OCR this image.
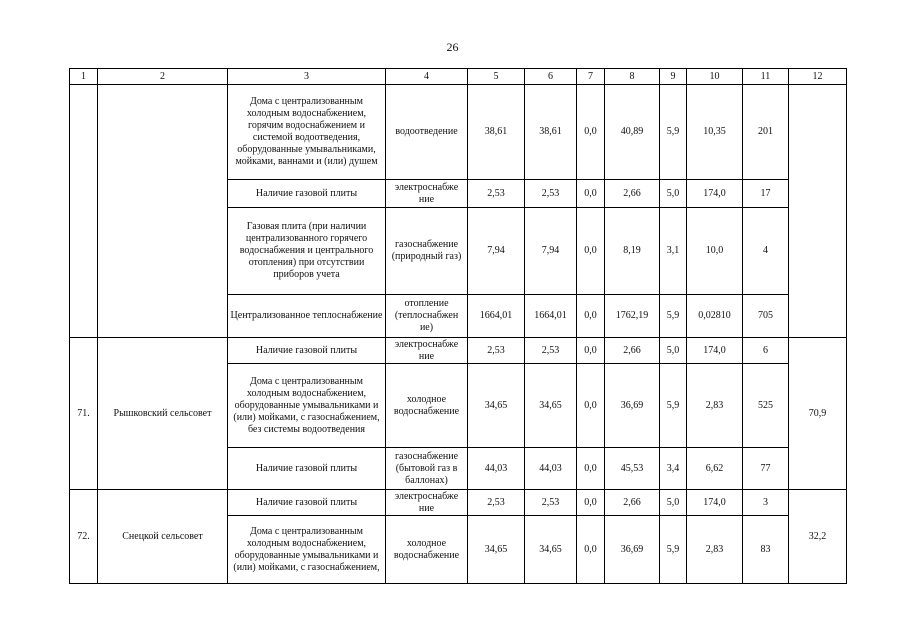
26
1	2	3	4	5	6	7	8	9	10	11	12
		Дома с централизованным холодным водоснабжением, горячим водоснабжением и системой водоотведения, оборудованные умывальниками, мойками, ваннами и (или) душем	водоотведение	38,61	38,61	0,0	40,89	5,9	10,35	201	
		Наличие газовой плиты	электроснабже ние	2,53	2,53	0,0	2,66	5,0	174,0	17	
		Газовая плита (при наличии централизованного горячего водоснабжения и центрального отопления) при отсутствии приборов учета	газоснабжение (природный газ)	7,94	7,94	0,0	8,19	3,1	10,0	4	
		Централизованное теплоснабжение	отопление (теплоснабжен ие)	1664,01	1664,01	0,0	1762,19	5,9	0,02810	705	
71.	Рышковский сельсовет	Наличие газовой плиты	электроснабже ние	2,53	2,53	0,0	2,66	5,0	174,0	6	70,9
		Дома с централизованным холодным водоснабжением, оборудованные умывальниками и (или) мойками, с газоснабжением, без системы водоотведения	холодное водоснабжение	34,65	34,65	0,0	36,69	5,9	2,83	525	
		Наличие газовой плиты	газоснабжение (бытовой газ в баллонах)	44,03	44,03	0,0	45,53	3,4	6,62	77	
72.	Снецкой сельсовет	Наличие газовой плиты	электроснабже ние	2,53	2,53	0,0	2,66	5,0	174,0	3	32,2
		Дома с централизованным холодным водоснабжением, оборудованные умывальниками и (или) мойками, с газоснабжением,	холодное водоснабжение	34,65	34,65	0,0	36,69	5,9	2,83	83	
